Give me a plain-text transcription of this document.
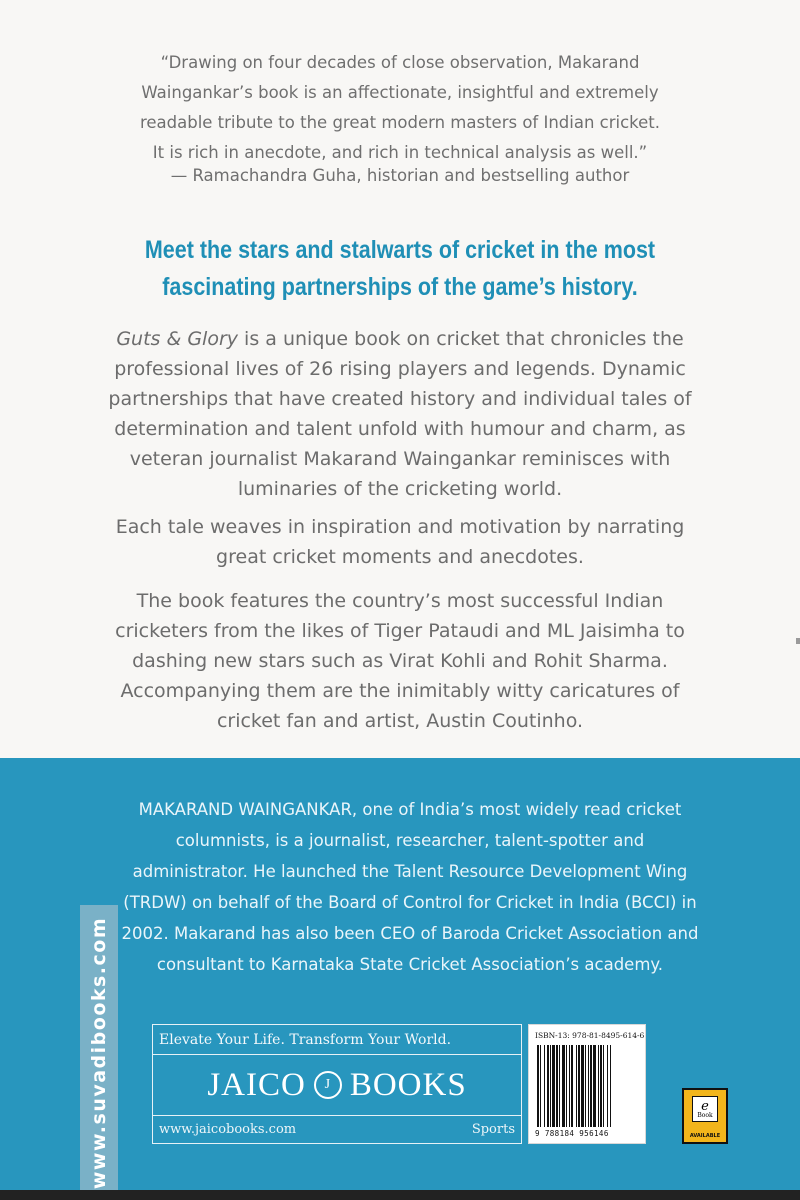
“Drawing on four decades of close observation, Makarand
Waingankar’s book is an affectionate, insightful and extremely
readable tribute to the great modern masters of Indian cricket.
It is rich in anecdote, and rich in technical analysis as well.”
— Ramachandra Guha, historian and bestselling author
Meet the stars and stalwarts of cricket in the most
fascinating partnerships of the game’s history.
Guts & Glory is a unique book on cricket that chronicles the
professional lives of 26 rising players and legends. Dynamic
partnerships that have created history and individual tales of
determination and talent unfold with humour and charm, as
veteran journalist Makarand Waingankar reminisces with
luminaries of the cricketing world.
Each tale weaves in inspiration and motivation by narrating
great cricket moments and anecdotes.
The book features the country’s most successful Indian
cricketers from the likes of Tiger Pataudi and ML Jaisimha to
dashing new stars such as Virat Kohli and Rohit Sharma.
Accompanying them are the inimitably witty caricatures of
cricket fan and artist, Austin Coutinho.
MAKARAND WAINGANKAR, one of India’s most widely read cricket
columnists, is a journalist, researcher, talent-spotter and
administrator. He launched the Talent Resource Development Wing
(TRDW) on behalf of the Board of Control for Cricket in India (BCCI) in
2002. Makarand has also been CEO of Baroda Cricket Association and
consultant to Karnataka State Cricket Association’s academy.
Elevate Your Life. Transform Your World.
JAICO	J BOOKS
www.jaicobooks.com	Sports
ISBN-13: 978-81-8495-614-6
9 788184 956146
e
Book
AVAILABLE
www.suvadibooks.com
